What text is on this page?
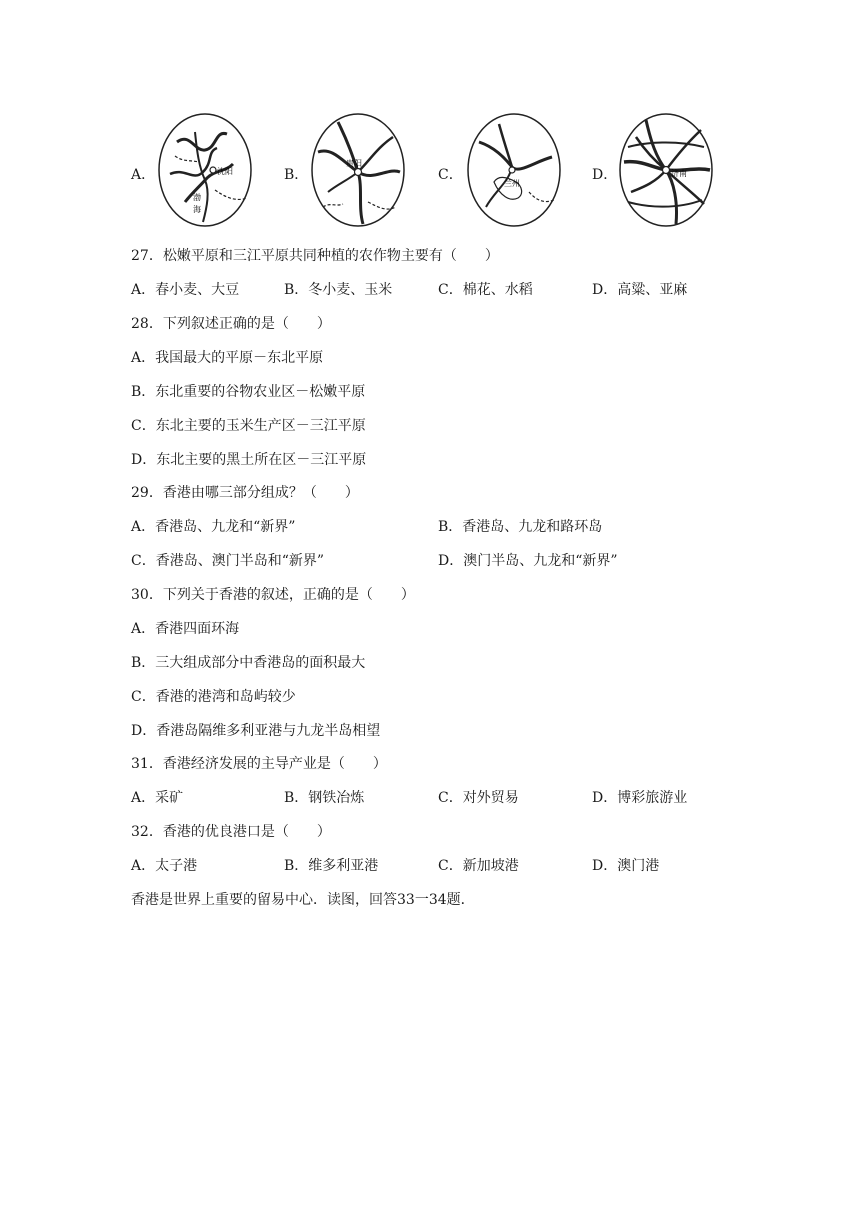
A．	沈阳
渤
海
B．
贵阳
C．
兰州
D．	济南
27．松嫩平原和三江平原共同种植的农作物主要有（　　）
A．春小麦、大豆	B．冬小麦、玉米	C．棉花、水稻	D．高粱、亚麻
28．下列叙述正确的是（　　）
A．我国最大的平原－东北平原
B．东北重要的谷物农业区－松嫩平原
C．东北主要的玉米生产区－三江平原
D．东北主要的黑土所在区－三江平原
29．香港由哪三部分组成？（　　）
A．香港岛、九龙和“新界”	B．香港岛、九龙和路环岛
C．香港岛、澳门半岛和“新界”	D．澳门半岛、九龙和“新界”
30．下列关于香港的叙述，正确的是（　　）
A．香港四面环海
B．三大组成部分中香港岛的面积最大
C．香港的港湾和岛屿较少
D．香港岛隔维多利亚港与九龙半岛相望
31．香港经济发展的主导产业是（　　）
A．采矿	B．钢铁冶炼	C．对外贸易	D．博彩旅游业
32．香港的优良港口是（　　）
A．太子港	B．维多利亚港	C．新加坡港	D．澳门港
香港是世界上重要的留易中心．读图，回答33一34题．
